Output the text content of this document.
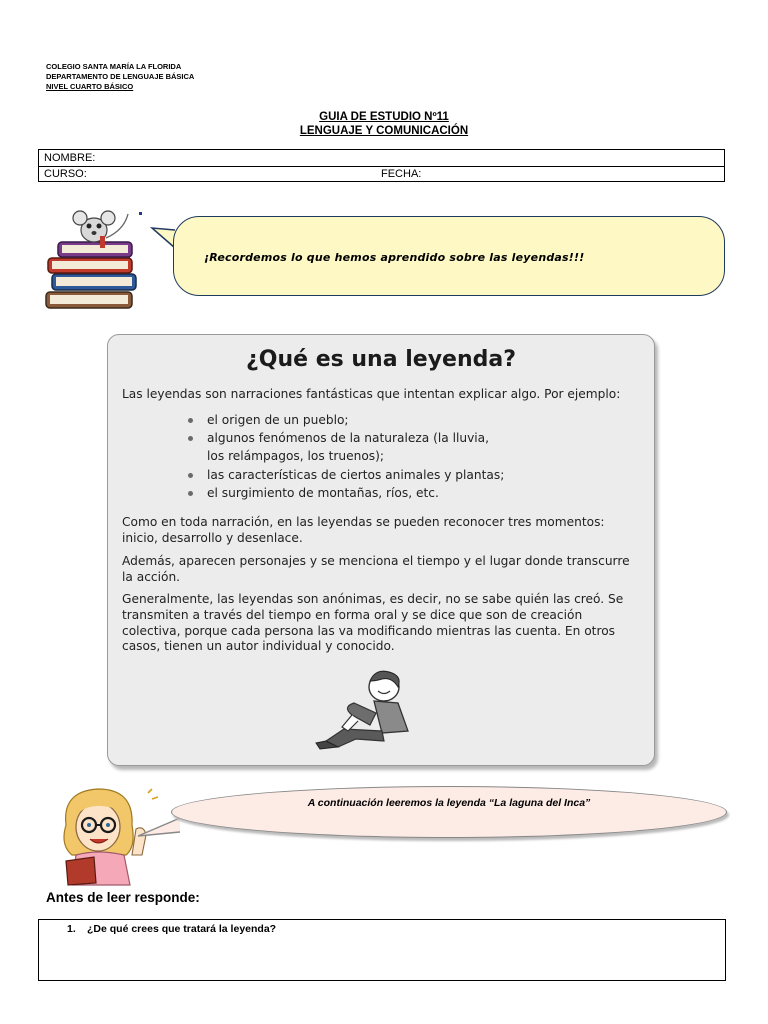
COLEGIO SANTA MARÍA LA FLORIDA
DEPARTAMENTO DE LENGUAJE BÁSICA
NIVEL CUARTO BÁSICO
GUIA DE ESTUDIO Nº11
LENGUAJE Y COMUNICACIÓN
NOMBRE:
CURSO:	FECHA:
¡Recordemos lo que hemos aprendido sobre las leyendas!!!
¿Qué es una leyenda?

Las leyendas son narraciones fantásticas que intentan explicar algo. Por ejemplo:

el origen de un pueblo;
algunos fenómenos de la naturaleza (la lluvia,
los relámpagos, los truenos);
las características de ciertos animales y plantas;
el surgimiento de montañas, ríos, etc.

Como en toda narración, en las leyendas se pueden reconocer tres momentos: inicio, desarrollo y desenlace.

Además, aparecen personajes y se menciona el tiempo y el lugar donde transcurre la acción.

Generalmente, las leyendas son anónimas, es decir, no se sabe quién las creó. Se transmiten a través del tiempo en forma oral y se dice que son de creación colectiva, porque cada persona las va modificando mientras las cuenta. En otros casos, tienen un autor individual y conocido.

A continuación leeremos la leyenda “La laguna del Inca”
Antes de leer responde:
1. ¿De qué crees que tratará la leyenda?
